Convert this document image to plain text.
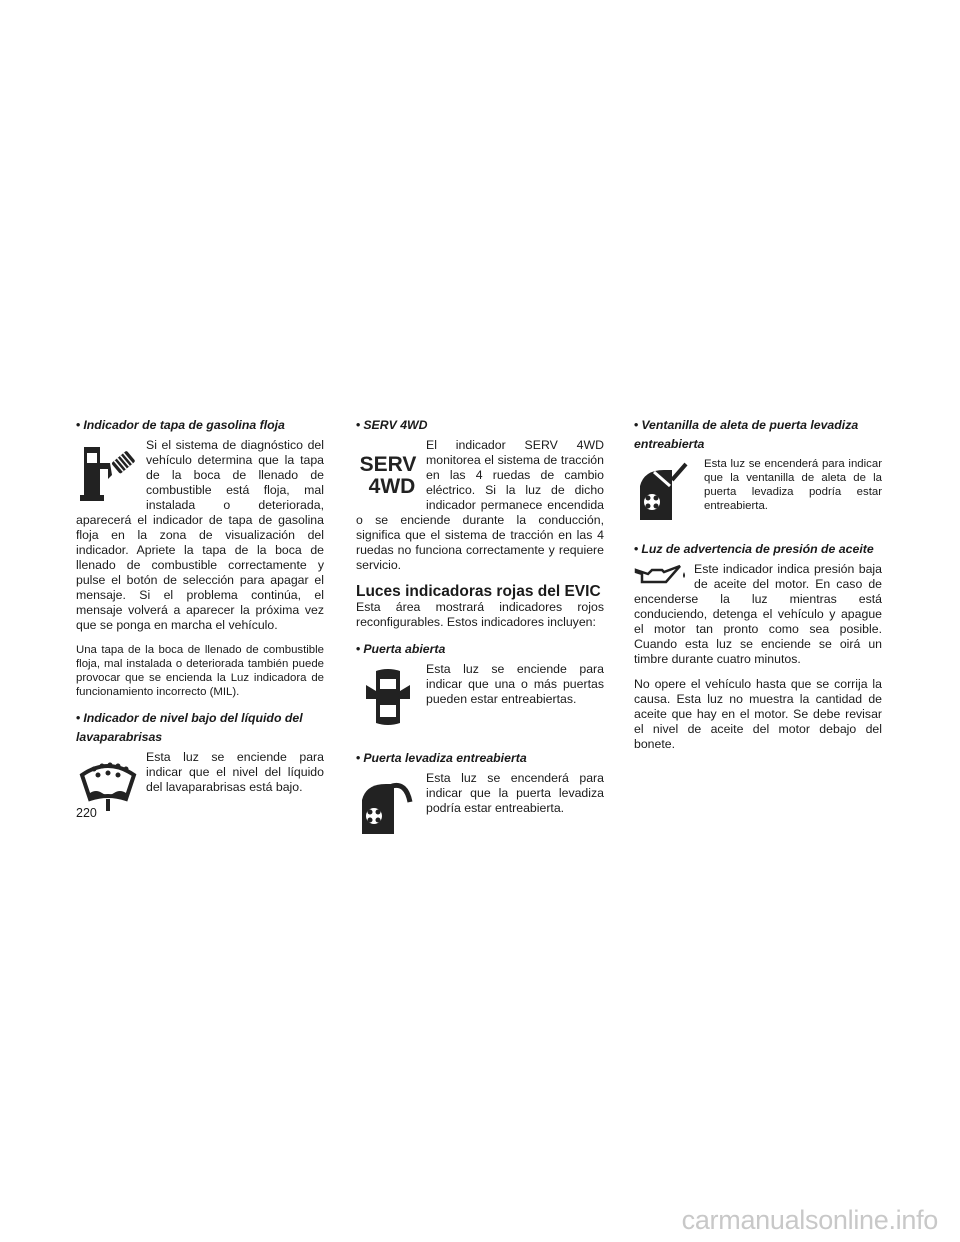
• Indicador de tapa de gasolina floja

Si el sistema de diagnóstico del vehículo determina que la tapa de la boca de llenado de combustible está floja, mal instalada o deteriorada, aparecerá el indicador de tapa de gasolina floja en la zona de visualización del indicador. Apriete la tapa de la boca de llenado de combustible correctamente y pulse el botón de selección para apagar el mensaje. Si el problema continúa, el mensaje volverá a aparecer la próxima vez que se ponga en marcha el vehículo.

Una tapa de la boca de llenado de combustible floja, mal instalada o deteriorada también puede provocar que se encienda la Luz indicadora de funcionamiento incorrecto (MIL).

• Indicador de nivel bajo del líquido del lavaparabrisas

Esta luz se enciende para indicar que el nivel del líquido del lavaparabrisas está bajo.

• SERV 4WD
SERV
4WD

El indicador SERV 4WD monitorea el sistema de tracción en las 4 ruedas de cambio eléctrico. Si la luz de dicho indicador permanece encendida o se enciende durante la conducción, significa que el sistema de tracción en las 4 ruedas no funciona correctamente y requiere servicio.

Luces indicadoras rojas del EVIC

Esta área mostrará indicadores rojos reconfigurables. Estos indicadores incluyen:

• Puerta abierta

Esta luz se enciende para indicar que una o más puertas pueden estar entreabiertas.

• Puerta levadiza entreabierta

Esta luz se encenderá para indicar que la puerta levadiza podría estar entreabierta.

• Ventanilla de aleta de puerta levadiza entreabierta

Esta luz se encenderá para indicar que la ventanilla de aleta de la puerta levadiza podría estar entreabierta.

• Luz de advertencia de presión de aceite

Este indicador indica presión baja de aceite del motor. En caso de encenderse la luz mientras está conduciendo, detenga el vehículo y apague el motor tan pronto como sea posible. Cuando esta luz se enciende se oirá un timbre durante cuatro minutos.

No opere el vehículo hasta que se corrija la causa. Esta luz no muestra la cantidad de aceite que hay en el motor. Se debe revisar el nivel de aceite del motor debajo del bonete.

220
carmanualsonline.info
